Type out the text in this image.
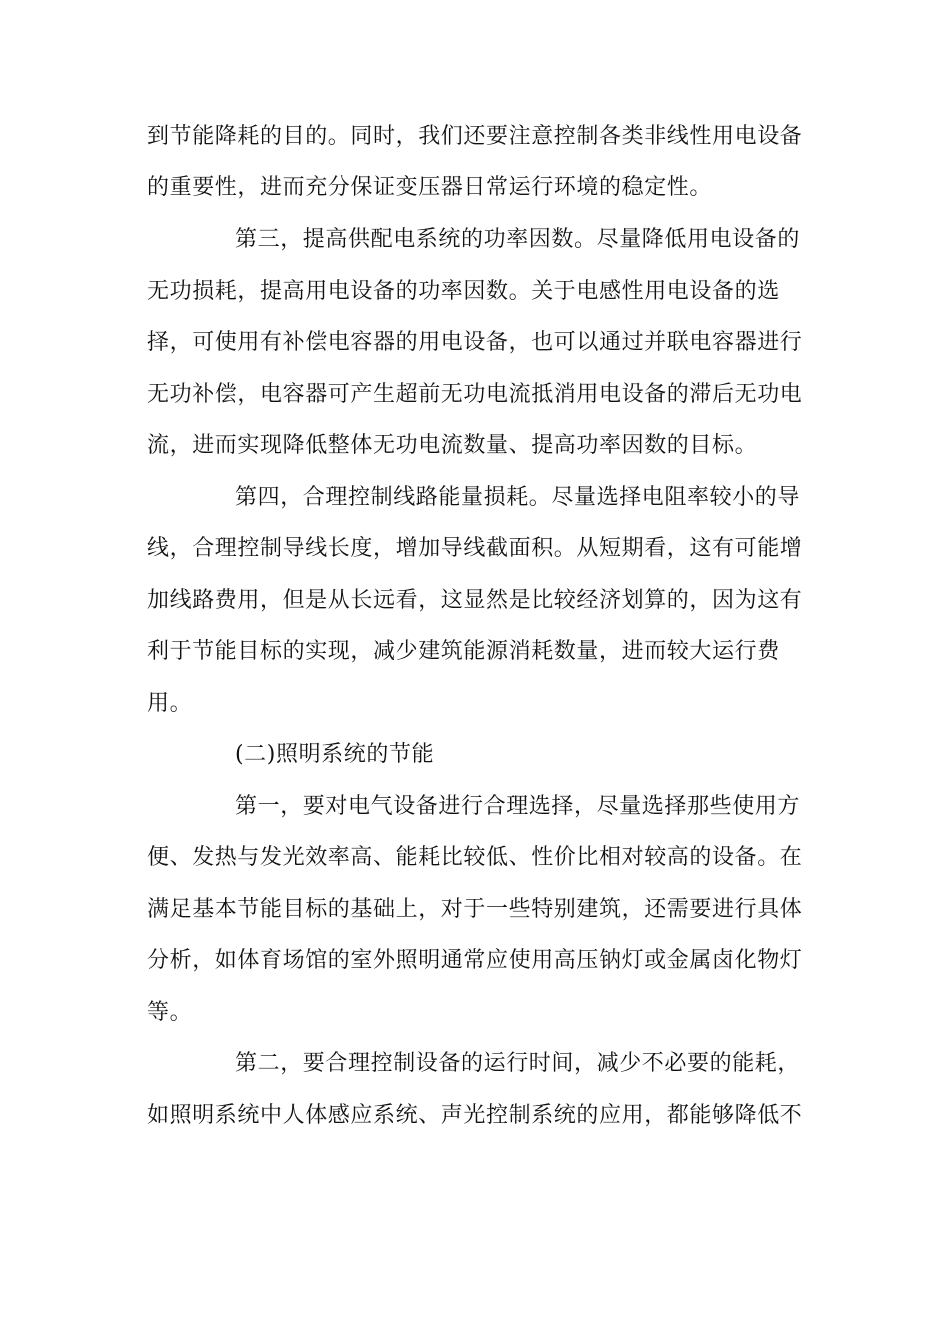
到节能降耗的目的。同时，我们还要注意控制各类非线性用电设备
的重要性，进而充分保证变压器日常运行环境的稳定性。
第三，提高供配电系统的功率因数。尽量降低用电设备的
无功损耗，提高用电设备的功率因数。关于电感性用电设备的选
择，可使用有补偿电容器的用电设备，也可以通过并联电容器进行
无功补偿，电容器可产生超前无功电流抵消用电设备的滞后无功电
流，进而实现降低整体无功电流数量、提高功率因数的目标。
第四，合理控制线路能量损耗。尽量选择电阻率较小的导
线，合理控制导线长度，增加导线截面积。从短期看，这有可能增
加线路费用，但是从长远看，这显然是比较经济划算的，因为这有
利于节能目标的实现，减少建筑能源消耗数量，进而较大运行费
用。
(二)照明系统的节能
第一，要对电气设备进行合理选择，尽量选择那些使用方
便、发热与发光效率高、能耗比较低、性价比相对较高的设备。在
满足基本节能目标的基础上，对于一些特别建筑，还需要进行具体
分析，如体育场馆的室外照明通常应使用高压钠灯或金属卤化物灯
等。
第二，要合理控制设备的运行时间，减少不必要的能耗，
如照明系统中人体感应系统、声光控制系统的应用，都能够降低不
